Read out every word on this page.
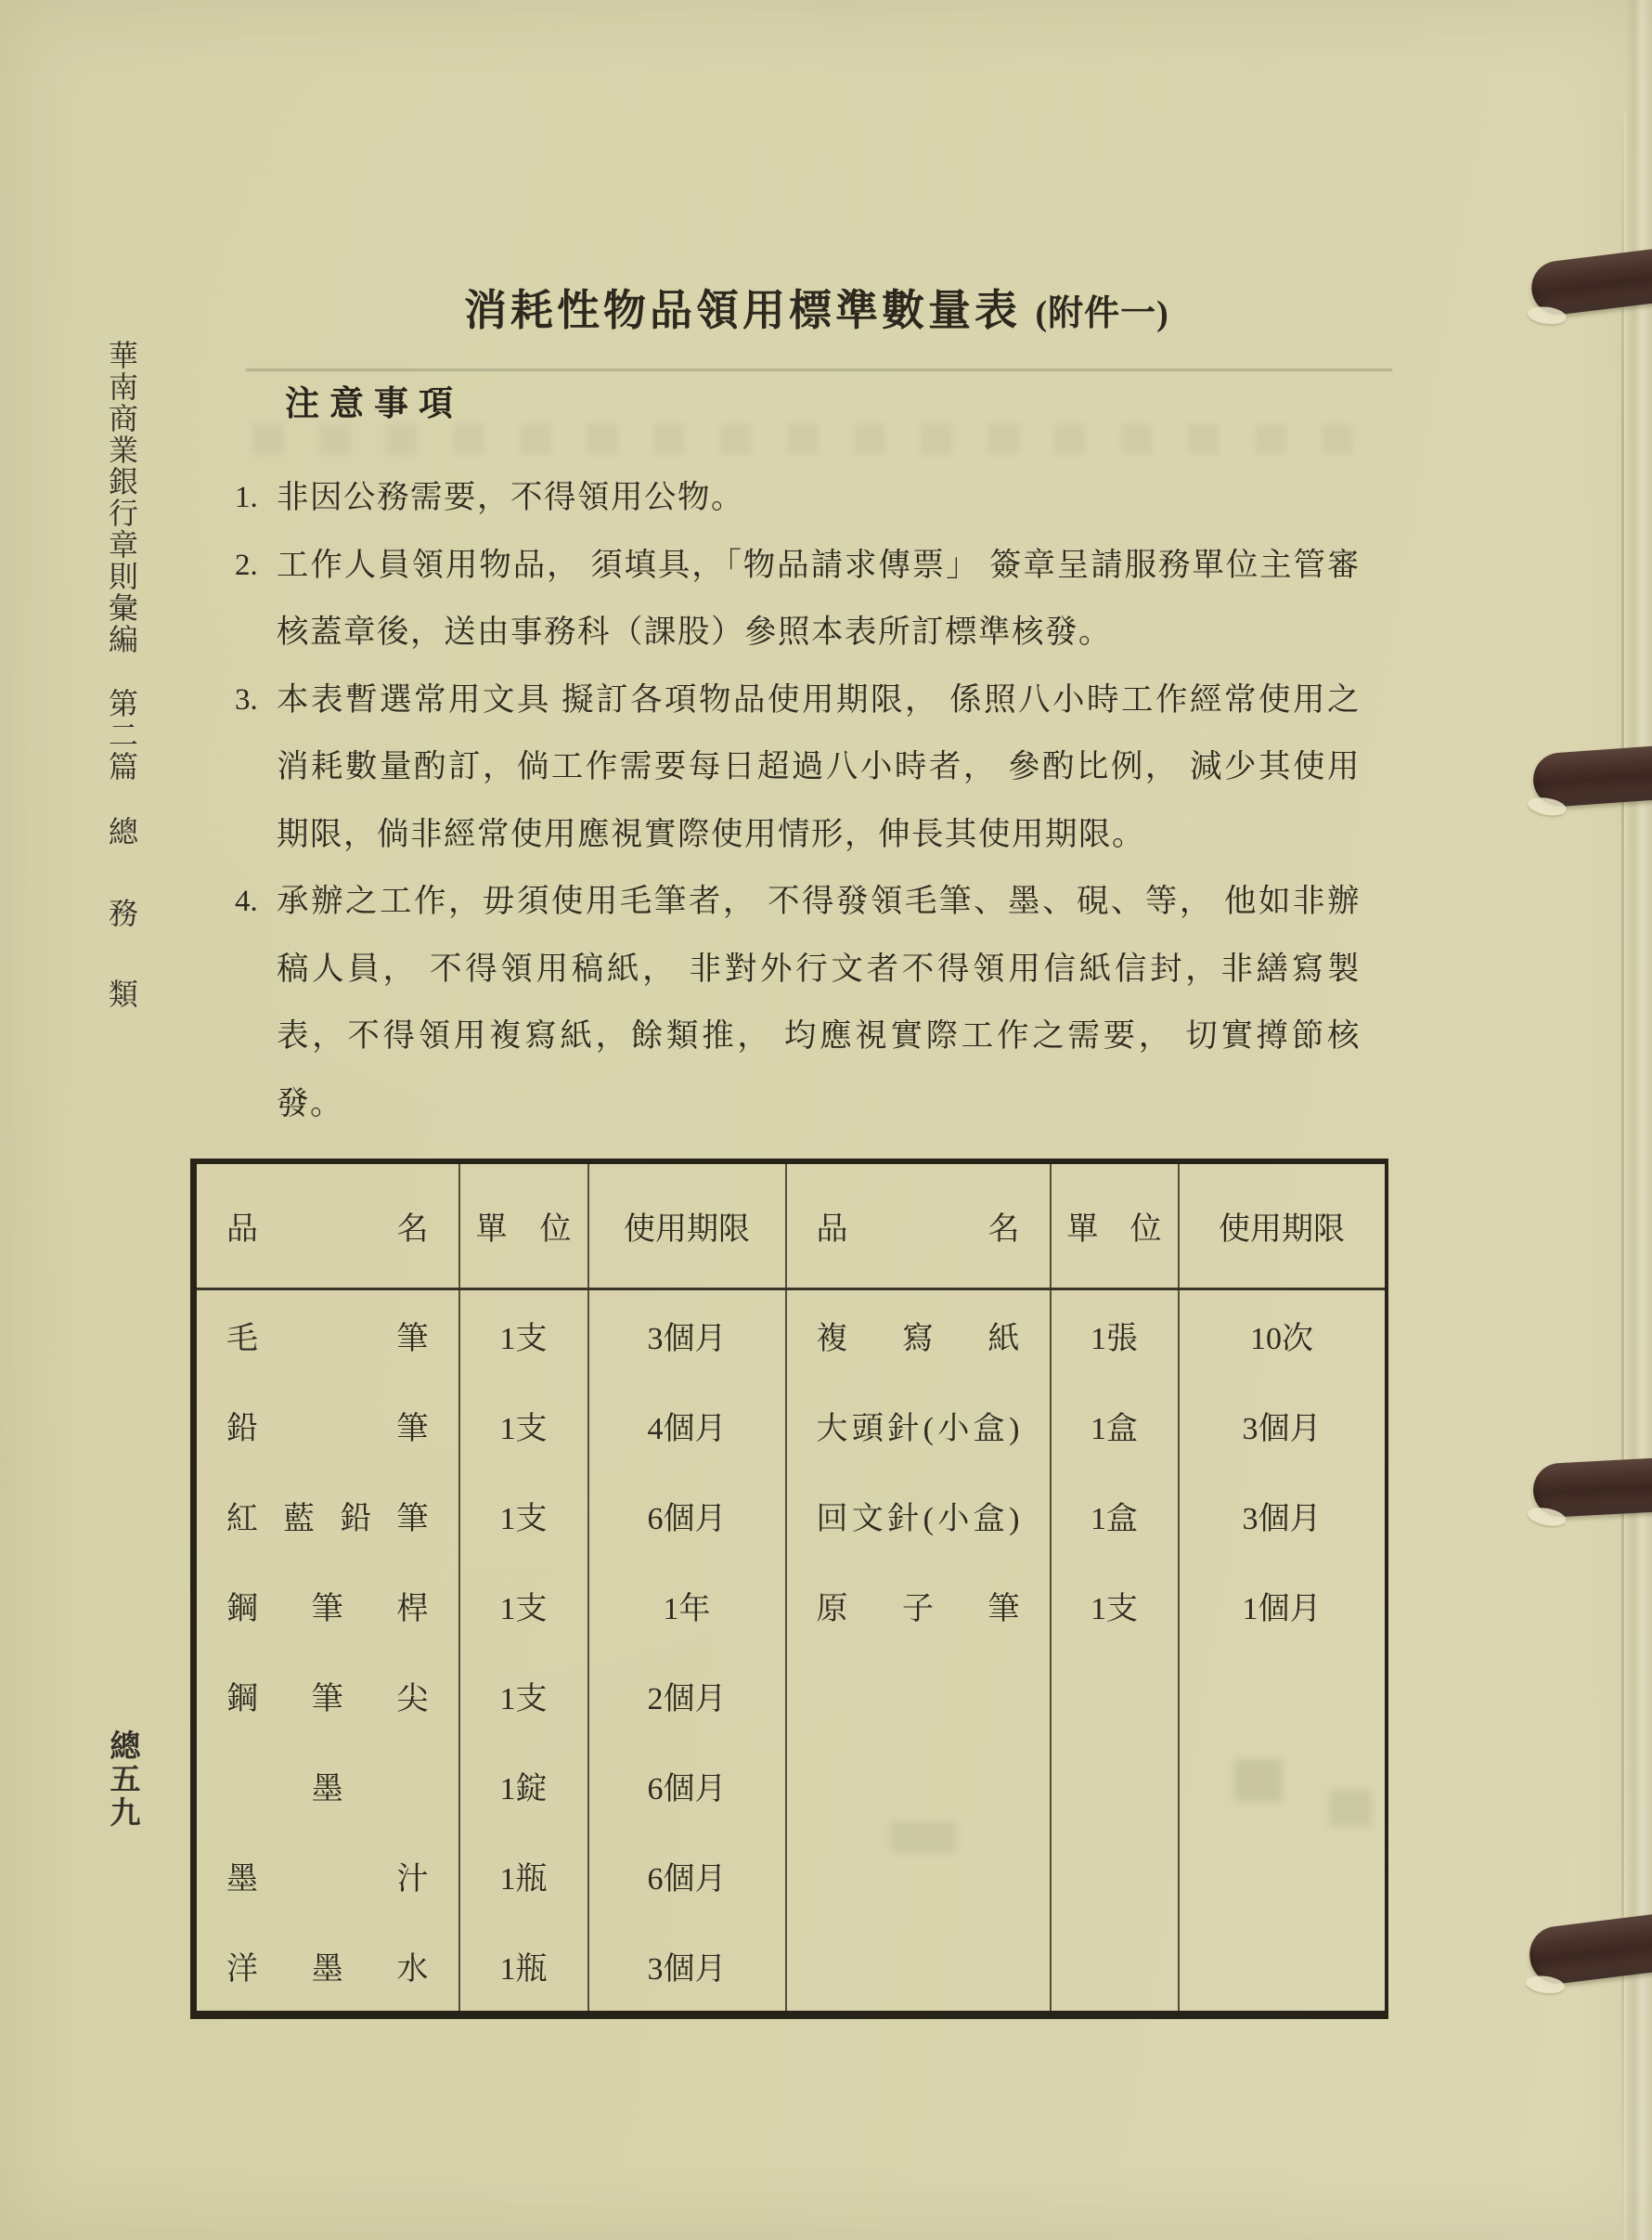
華南商業銀行章則彙編
第二篇
總
務
類
總五九
消耗性物品領用標準數量表 (附件一)
注意事項
1. 非因公務需要，不得領用公物。
2. 工作人員領用物品， 須填具，「物品請求傳票」 簽章呈請服務單位主管審核蓋章後，送由事務科（課股）參照本表所訂標準核發。
3. 本表暫選常用文具 擬訂各項物品使用期限， 係照八小時工作經常使用之消耗數量酌訂，倘工作需要每日超過八小時者， 參酌比例， 減少其使用期限，倘非經常使用應視實際使用情形，伸長其使用期限。
4. 承辦之工作，毋須使用毛筆者， 不得發領毛筆、墨、硯、等， 他如非辦稿人員， 不得領用稿紙， 非對外行文者不得領用信紙信封，非繕寫製表，不得領用複寫紙，餘類推， 均應視實際工作之需要， 切實撙節核發。
品名	單位	使用期限	品名	單位	使用期限
毛筆	1支	3個月	複寫紙	1張	10次
鉛筆	1支	4個月	大頭針(小盒)	1盒	3個月
紅藍鉛筆	1支	6個月	回文針(小盒)	1盒	3個月
鋼筆桿	1支	1年	原子筆	1支	1個月
鋼筆尖	1支	2個月			
墨	1錠	6個月			
墨汁	1瓶	6個月			
洋墨水	1瓶	3個月			
